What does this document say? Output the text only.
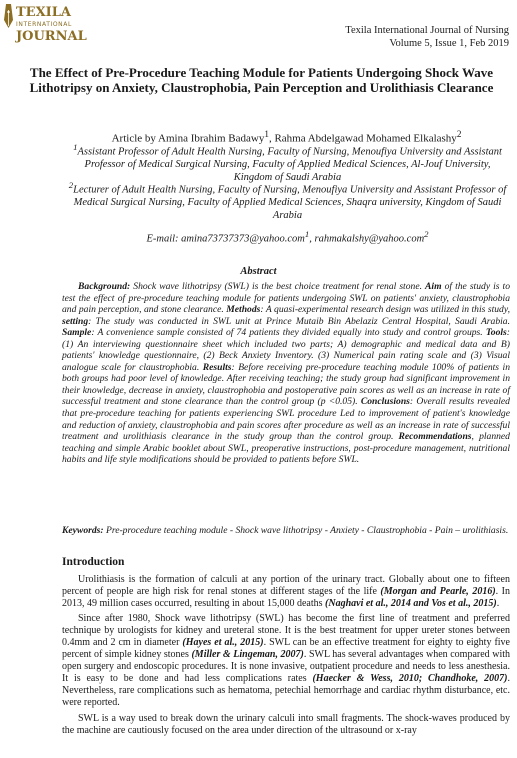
TEXILA
INTERNATIONAL
JOURNAL	Texila International Journal of Nursing
Volume 5, Issue 1, Feb 2019
The Effect of Pre-Procedure Teaching Module for Patients Undergoing Shock Wave Lithotripsy on Anxiety, Claustrophobia, Pain Perception and Urolithiasis Clearance
Article by Amina Ibrahim Badawy$^1$, Rahma Abdelgawad Mohamed Elkalashy$^2$
$^1$Assistant Professor of Adult Health Nursing, Faculty of Nursing, Menoufiya University and Assistant Professor of Medical Surgical Nursing, Faculty of Applied Medical Sciences, Al-Jouf University, Kingdom of Saudi Arabia
$^2$Lecturer of Adult Health Nursing, Faculty of Nursing, Menoufiya University and Assistant Professor of Medical Surgical Nursing, Faculty of Applied Medical Sciences, Shaqra university, Kingdom of Saudi Arabia
E-mail: amina73737373@yahoo.com$^1$, rahmakalshy@yahoo.com$^2$
Abstract
Background: Shock wave lithotripsy (SWL) is the best choice treatment for renal stone. Aim of the study is to test the effect of pre-procedure teaching module for patients undergoing SWL on patients' anxiety, claustrophobia and pain perception, and stone clearance. Methods: A quasi-experimental research design was utilized in this study, setting: The study was conducted in SWL unit at Prince Mutaib Bin Abelaziz Central Hospital, Saudi Arabia. Sample: A convenience sample consisted of 74 patients they divided equally into study and control groups. Tools: (1) An interviewing questionnaire sheet which included two parts; A) demographic and medical data and B) patients' knowledge questionnaire, (2) Beck Anxiety Inventory. (3) Numerical pain rating scale and (3) Visual analogue scale for claustrophobia. Results: Before receiving pre-procedure teaching module 100% of patients in both groups had poor level of knowledge. After receiving teaching; the study group had significant improvement in their knowledge, decrease in anxiety, claustrophobia and postoperative pain scores as well as an increase in rate of successful treatment and stone clearance than the control group (p <0.05). Conclusions: Overall results revealed that pre-procedure teaching for patients experiencing SWL procedure Led to improvement of patient's knowledge and reduction of anxiety, claustrophobia and pain scores after procedure as well as an increase in rate of successful treatment and urolithiasis clearance in the study group than the control group. Recommendations, planned teaching and simple Arabic booklet about SWL, preoperative instructions, post-procedure management, nutritional habits and life style modifications should be provided to patients before SWL.
Keywords: Pre-procedure teaching module - Shock wave lithotripsy - Anxiety - Claustrophobia - Pain – urolithiasis.
Introduction

Urolithiasis is the formation of calculi at any portion of the urinary tract. Globally about one to fifteen percent of people are high risk for renal stones at different stages of the life (Morgan and Pearle, 2016). In 2013, 49 million cases occurred, resulting in about 15,000 deaths (Naghavi et al., 2014 and Vos et al., 2015).

Since after 1980, Shock wave lithotripsy (SWL) has become the first line of treatment and preferred technique by urologists for kidney and ureteral stone. It is the best treatment for upper ureter stones between 0.4mm and 2 cm in diameter (Hayes et al., 2015). SWL can be an effective treatment for eighty to eighty five percent of simple kidney stones (Miller & Lingeman, 2007). SWL has several advantages when compared with open surgery and endoscopic procedures. It is none invasive, outpatient procedure and needs to less anesthesia. It is easy to be done and had less complications rates (Haecker & Wess, 2010; Chandhoke, 2007). Nevertheless, rare complications such as hematoma, petechial hemorrhage and cardiac rhythm disturbance, etc. were reported.

SWL is a way used to break down the urinary calculi into small fragments. The shock-waves produced by the machine are cautiously focused on the area under direction of the ultrasound or x-ray
